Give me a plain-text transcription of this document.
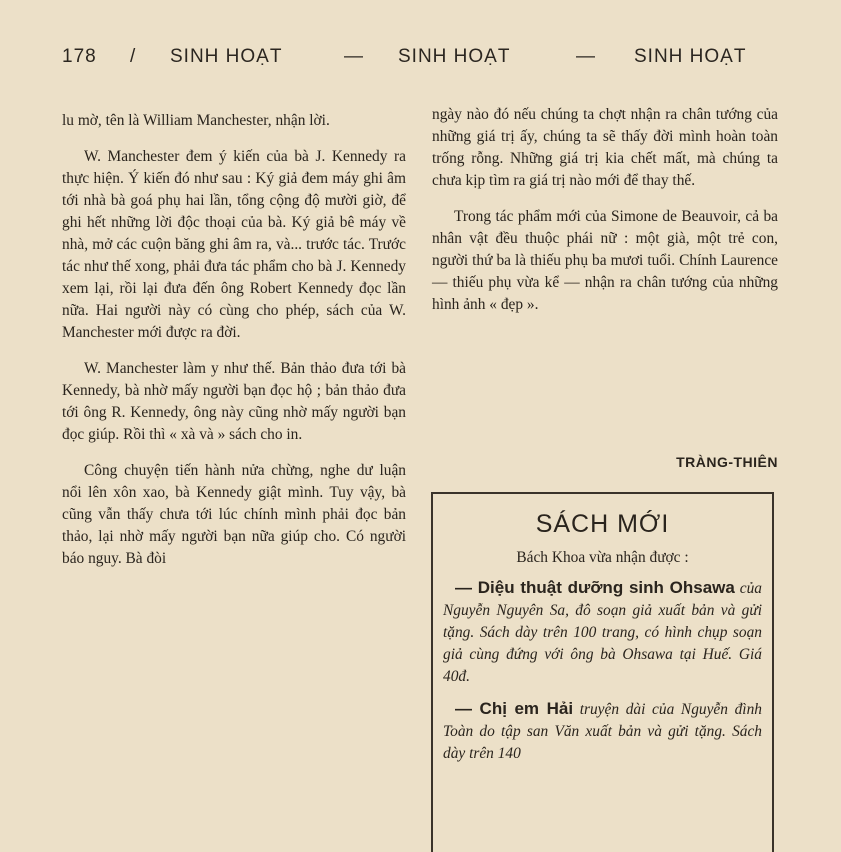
178 / SINH HOẠT	— SINH HOẠT	— SINH HOẠT

lu mờ, tên là William Manchester, nhận lời.

W. Manchester đem ý kiến của bà J. Kennedy ra thực hiện. Ý kiến đó như sau : Ký giả đem máy ghi âm tới nhà bà goá phụ hai lần, tổng cộng độ mười giờ, để ghi hết những lời độc thoại của bà. Ký giả bê máy về nhà, mở các cuộn băng ghi âm ra, và... trước tác. Trước tác như thế xong, phải đưa tác phẩm cho bà J. Kennedy xem lại, rồi lại đưa đến ông Robert Kennedy đọc lần nữa. Hai người này có cùng cho phép, sách của W. Manchester mới được ra đời.

W. Manchester làm y như thế. Bản thảo đưa tới bà Kennedy, bà nhờ mấy người bạn đọc hộ ; bản thảo đưa tới ông R. Kennedy, ông này cũng nhờ mấy người bạn đọc giúp. Rồi thì « xà và » sách cho in.

Công chuyện tiến hành nửa chừng, nghe dư luận nổi lên xôn xao, bà Kennedy giật mình. Tuy vậy, bà cũng vẫn thấy chưa tới lúc chính mình phải đọc bản thảo, lại nhờ mấy người bạn nữa giúp cho. Có người báo nguy. Bà đòi

ngày nào đó nếu chúng ta chợt nhận ra chân tướng của những giá trị ấy, chúng ta sẽ thấy đời mình hoàn toàn trống rỗng. Những giá trị kia chết mất, mà chúng ta chưa kịp tìm ra giá trị nào mới để thay thế.

Trong tác phẩm mới của Simone de Beauvoir, cả ba nhân vật đều thuộc phái nữ : một già, một trẻ con, người thứ ba là thiếu phụ ba mươi tuổi. Chính Laurence — thiếu phụ vừa kể — nhận ra chân tướng của những hình ảnh « đẹp ».

TRÀNG-THIÊN
SÁCH MỚI
Bách Khoa vừa nhận được :
— Diệu thuật dưỡng sinh Ohsawa của Nguyễn Nguyên Sa, đô soạn giả xuất bản và gửi tặng. Sách dày trên 100 trang, có hình chụp soạn giả cùng đứng với ông bà Ohsawa tại Huế. Giá 40đ.
— Chị em Hải truyện dài của Nguyễn đình Toàn do tập san Văn xuất bản và gửi tặng. Sách dày trên 140
